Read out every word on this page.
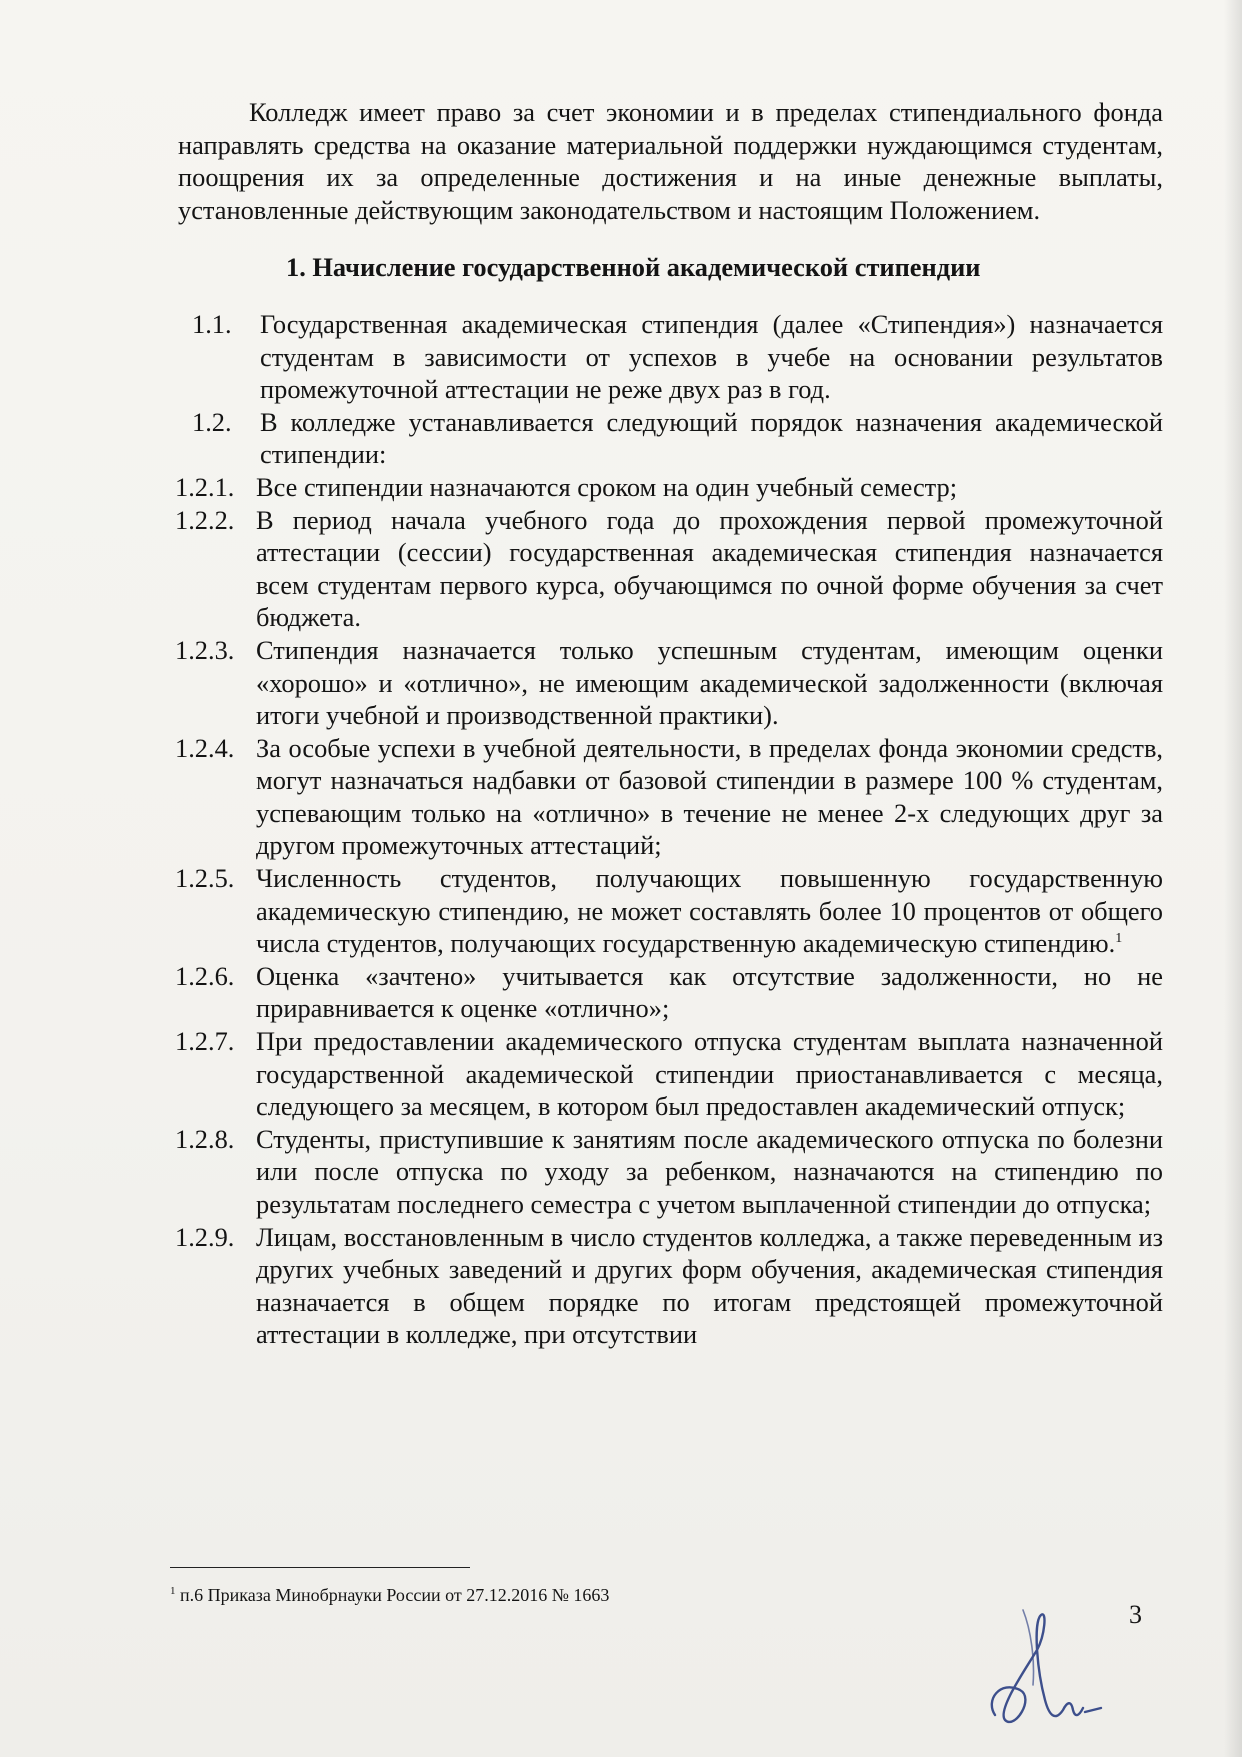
Колледж имеет право за счет экономии и в пределах стипендиального фонда направлять средства на оказание материальной поддержки нуждающимся студентам, поощрения их за определенные достижения и на иные денежные выплаты, установленные действующим законодательством и настоящим Положением.

1. Начисление государственной академической стипендии
1.1. Государственная академическая стипендия (далее «Стипендия») назначается студентам в зависимости от успехов в учебе на основании результатов промежуточной аттестации не реже двух раз в год.
1.2. В колледже устанавливается следующий порядок назначения академической стипендии:
1.2.1. Все стипендии назначаются сроком на один учебный семестр;
1.2.2. В период начала учебного года до прохождения первой промежуточной аттестации (сессии) государственная академическая стипендия назначается всем студентам первого курса, обучающимся по очной форме обучения за счет бюджета.
1.2.3. Стипендия назначается только успешным студентам, имеющим оценки «хорошо» и «отлично», не имеющим академической задолженности (включая итоги учебной и производственной практики).
1.2.4. За особые успехи в учебной деятельности, в пределах фонда экономии средств, могут назначаться надбавки от базовой стипендии в размере 100 % студентам, успевающим только на «отлично» в течение не менее 2-х следующих друг за другом промежуточных аттестаций;
1.2.5. Численность студентов, получающих повышенную государственную академическую стипендию, не может составлять более 10 процентов от общего числа студентов, получающих государственную академическую стипендию.$^1$
1.2.6. Оценка «зачтено» учитывается как отсутствие задолженности, но не приравнивается к оценке «отлично»;
1.2.7. При предоставлении академического отпуска студентам выплата назначенной государственной академической стипендии приостанавливается с месяца, следующего за месяцем, в котором был предоставлен академический отпуск;
1.2.8. Студенты, приступившие к занятиям после академического отпуска по болезни или после отпуска по уходу за ребенком, назначаются на стипендию по результатам последнего семестра с учетом выплаченной стипендии до отпуска;
1.2.9. Лицам, восстановленным в число студентов колледжа, а также переведенным из других учебных заведений и других форм обучения, академическая стипендия назначается в общем порядке по итогам предстоящей промежуточной аттестации в колледже, при отсутствии
$^1$ п.6 Приказа Минобрнауки России от 27.12.2016 № 1663
3
